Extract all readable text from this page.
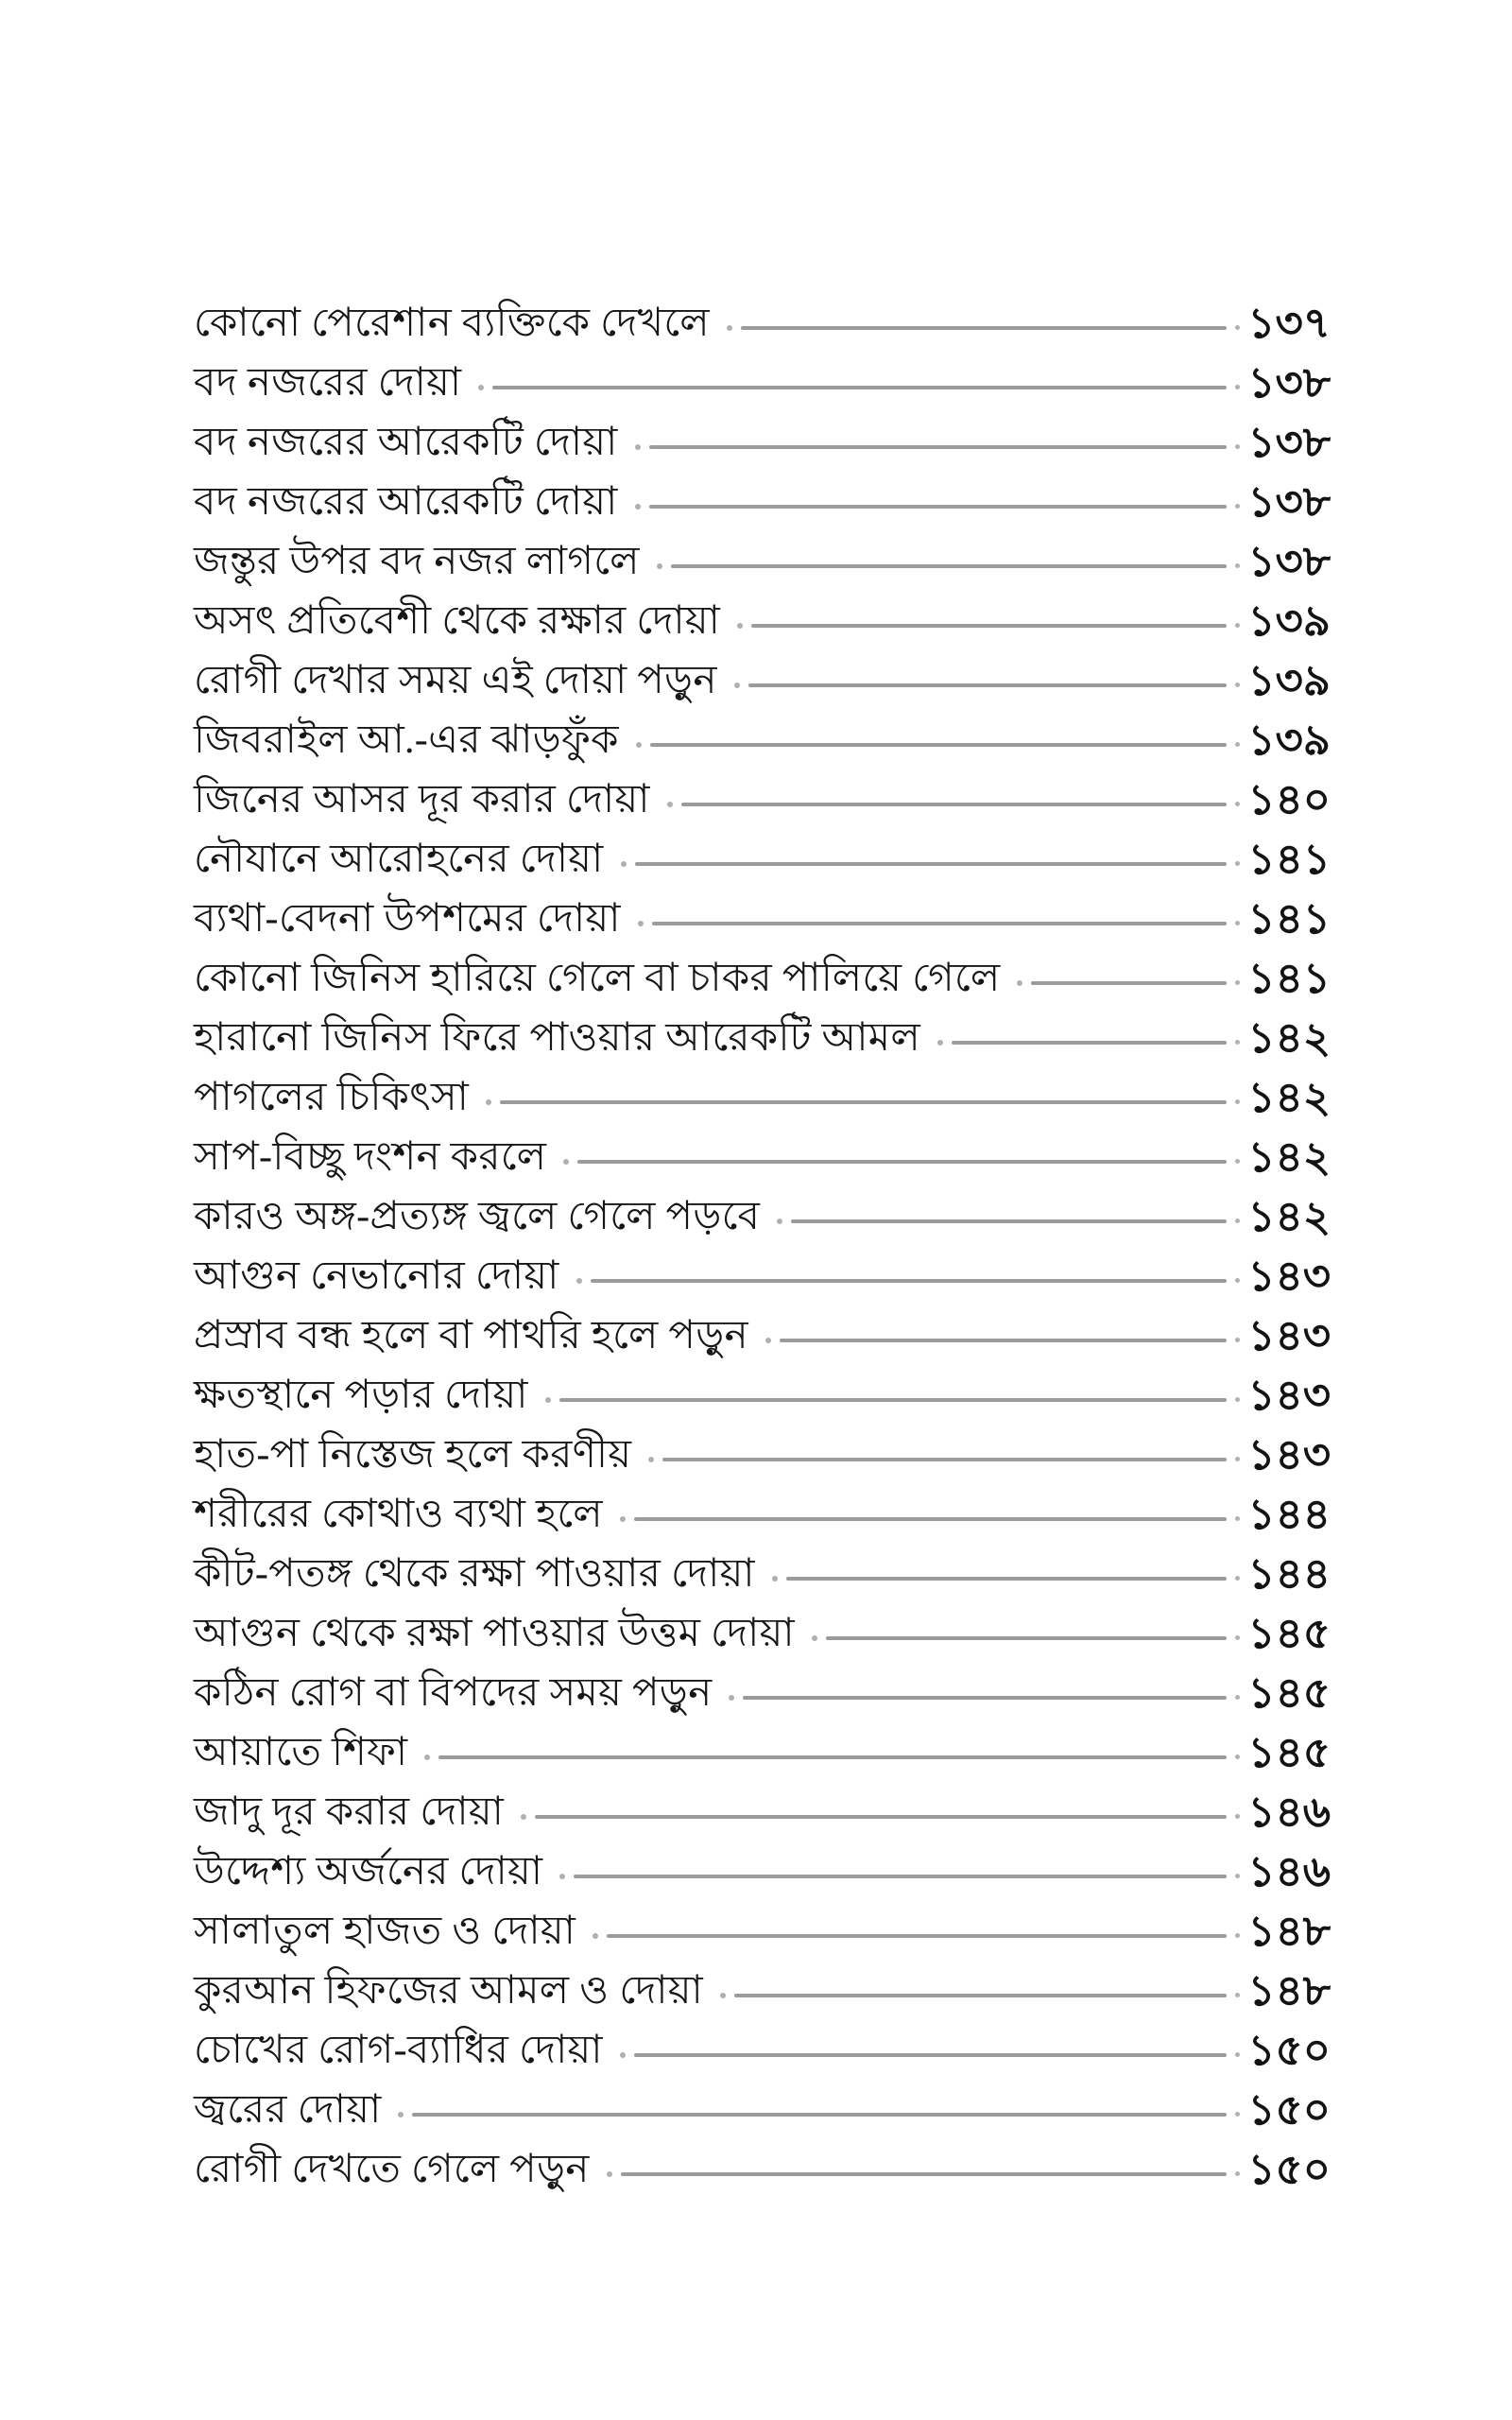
কোনো পেরেশান ব্যক্তিকে দেখলে	১৩৭
বদ নজরের দোয়া	১৩৮
বদ নজরের আরেকটি দোয়া	১৩৮
বদ নজরের আরেকটি দোয়া	১৩৮
জন্তুর উপর বদ নজর লাগলে	১৩৮
অসৎ প্রতিবেশী থেকে রক্ষার দোয়া	১৩৯
রোগী দেখার সময় এই দোয়া পড়ুন	১৩৯
জিবরাইল আ.-এর ঝাড়ফুঁক	১৩৯
জিনের আসর দূর করার দোয়া	১৪০
নৌযানে আরোহনের দোয়া	১৪১
ব্যথা-বেদনা উপশমের দোয়া	১৪১
কোনো জিনিস হারিয়ে গেলে বা চাকর পালিয়ে গেলে	১৪১
হারানো জিনিস ফিরে পাওয়ার আরেকটি আমল	১৪২
পাগলের চিকিৎসা	১৪২
সাপ-বিচ্ছু দংশন করলে	১৪২
কারও অঙ্গ-প্রত্যঙ্গ জ্বলে গেলে পড়বে	১৪২
আগুন নেভানোর দোয়া	১৪৩
প্রস্রাব বন্ধ হলে বা পাথরি হলে পড়ুন	১৪৩
ক্ষতস্থানে পড়ার দোয়া	১৪৩
হাত-পা নিস্তেজ হলে করণীয়	১৪৩
শরীরের কোথাও ব্যথা হলে	১৪৪
কীট-পতঙ্গ থেকে রক্ষা পাওয়ার দোয়া	১৪৪
আগুন থেকে রক্ষা পাওয়ার উত্তম দোয়া	১৪৫
কঠিন রোগ বা বিপদের সময় পড়ুন	১৪৫
আয়াতে শিফা	১৪৫
জাদু দূর করার দোয়া	১৪৬
উদ্দেশ্য অর্জনের দোয়া	১৪৬
সালাতুল হাজত ও দোয়া	১৪৮
কুরআন হিফজের আমল ও দোয়া	১৪৮
চোখের রোগ-ব্যাধির দোয়া	১৫০
জ্বরের দোয়া	১৫০
রোগী দেখতে গেলে পড়ুন	১৫০
